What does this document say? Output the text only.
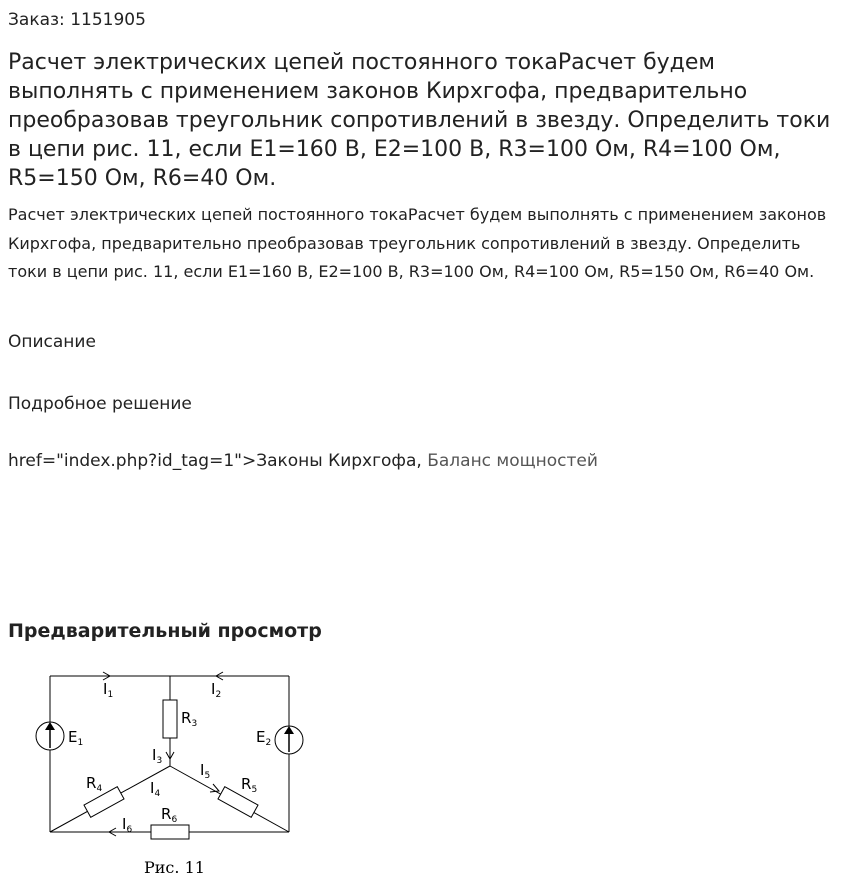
Заказ: 1151905
Расчет электрических цепей постоянного токаРасчет будем выполнять с применением законов Кирхгофа, предварительно преобразовав треугольник сопротивлений в звезду. Определить токи в цепи рис. 11, если E1=160 В, E2=100 В, R3=100 Ом, R4=100 Ом, R5=150 Ом, R6=40 Ом.

Расчет электрических цепей постоянного токаРасчет будем выполнять с применением законов Кирхгофа, предварительно преобразовав треугольник сопротивлений в звезду. Определить токи в цепи рис. 11, если E1=160 В, E2=100 В, R3=100 Ом, R4=100 Ом, R5=150 Ом, R6=40 Ом.

Описание
Подробное решение
href="index.php?id_tag=1">Законы Кирхгофа, Баланс мощностей
Предварительный просмотр
$I_1$	$I_2$
$R_3$
$E_1$	$E_2$
$I_3$	$I_5$
$R_4$	$I_4$
$R_5$
$R_6$
$I_6$
Рис. 11
